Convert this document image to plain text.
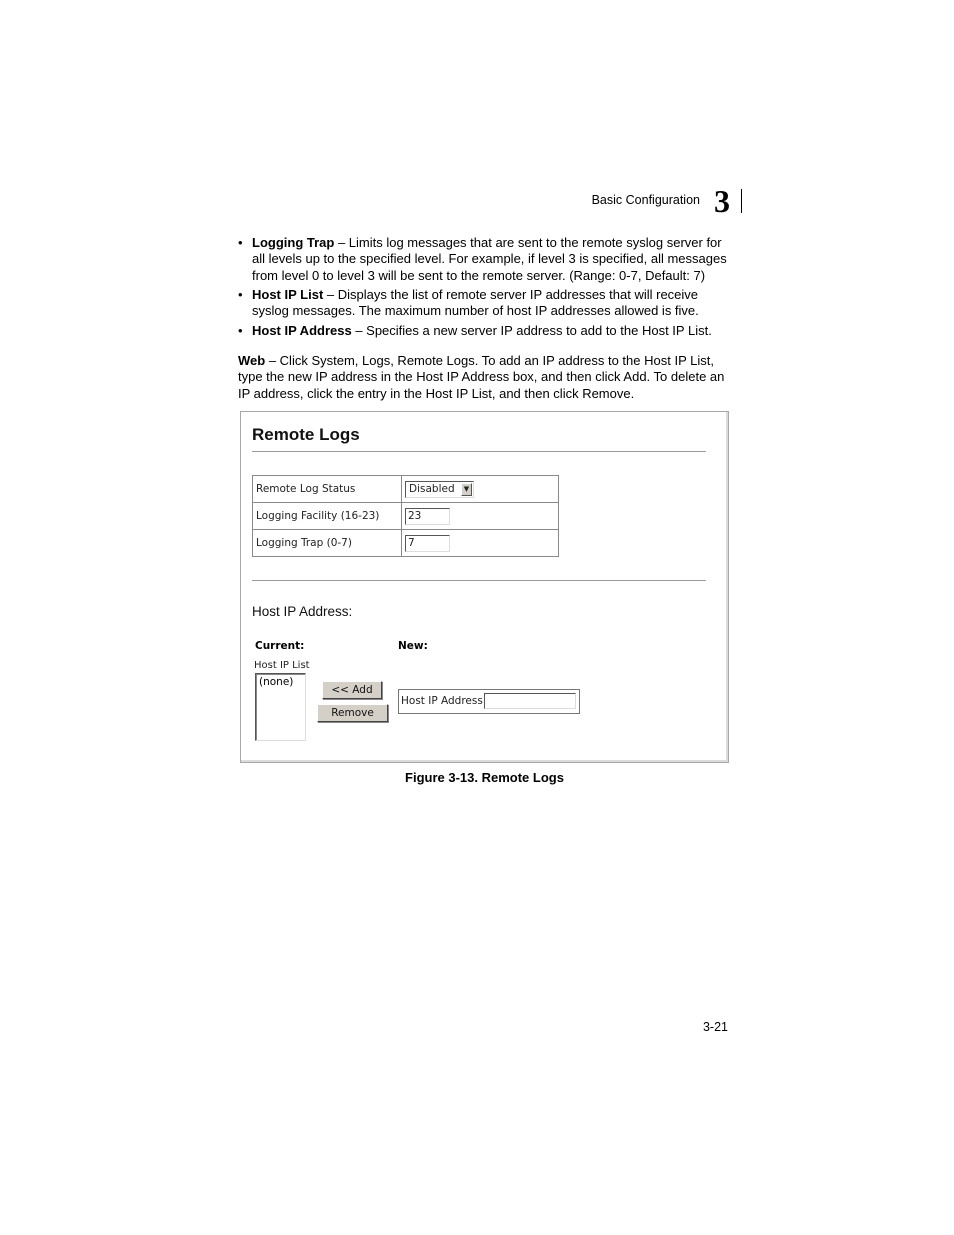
Basic Configuration 3
• Logging Trap – Limits log messages that are sent to the remote syslog server for all levels up to the specified level. For example, if level 3 is specified, all messages from level 0 to level 3 will be sent to the remote server. (Range: 0-7, Default: 7)
• Host IP List – Displays the list of remote server IP addresses that will receive syslog messages. The maximum number of host IP addresses allowed is five.
• Host IP Address – Specifies a new server IP address to add to the Host IP List.
Web – Click System, Logs, Remote Logs. To add an IP address to the Host IP List, type the new IP address in the Host IP Address box, and then click Add. To delete an IP address, click the entry in the Host IP List, and then click Remove.
Remote Logs
Remote Log Status	Disabled ▼

Logging Facility (16-23)	23
Logging Trap (0-7)	7
Host IP Address:
Current:	New:
Host IP List
(none)
<< Add
Remove
Host IP Address
Figure 3-13. Remote Logs
3-21
